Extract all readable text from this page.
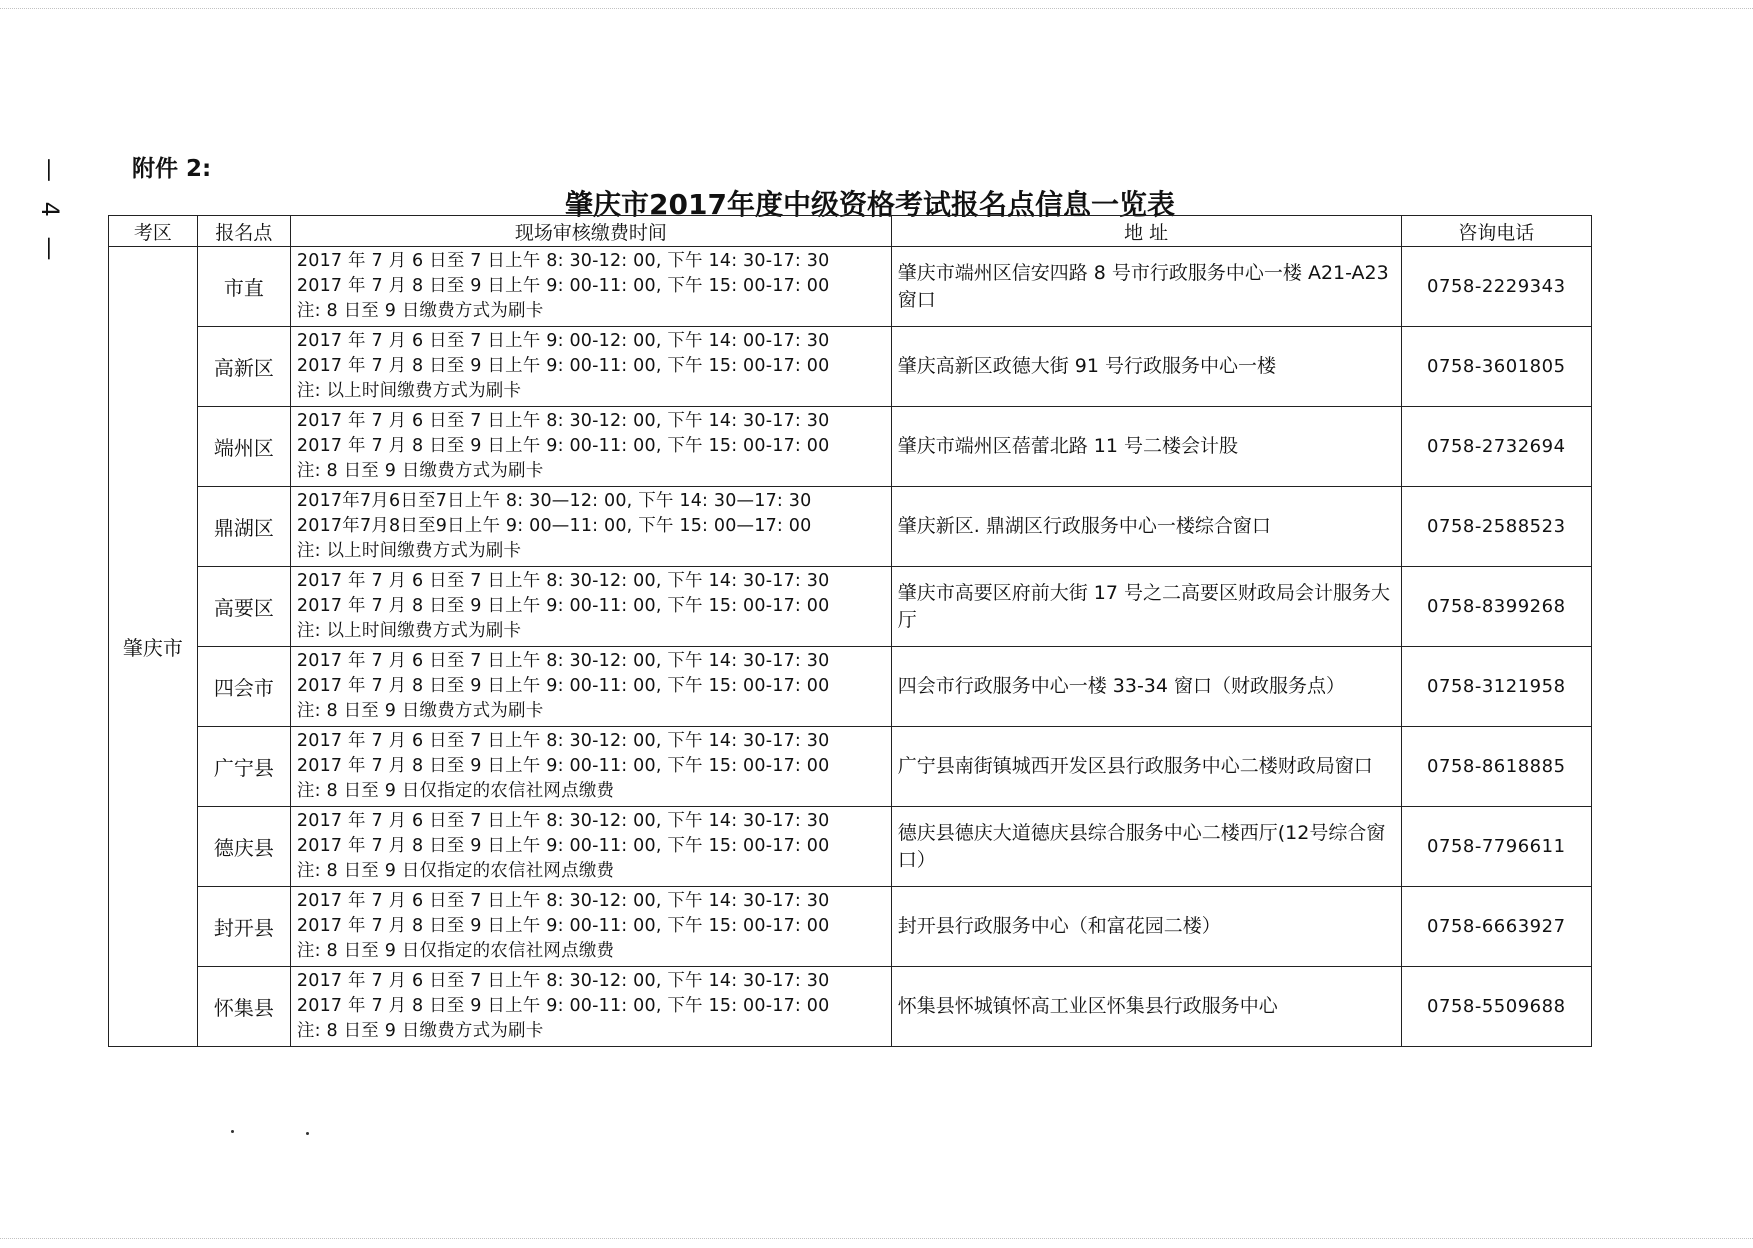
— 4 —	附件 2:
肇庆市2017年度中级资格考试报名点信息一览表
考区	报名点	现场审核缴费时间	地 址	咨询电话
肇庆市	市直	2017 年 7 月 6 日至 7 日上午 8: 30-12: 00, 下午 14: 30-17: 30
2017 年 7 月 8 日至 9 日上午 9: 00-11: 00, 下午 15: 00-17: 00
注: 8 日至 9 日缴费方式为刷卡	肇庆市端州区信安四路 8 号市行政服务中心一楼 A21-A23 窗口	0758-2229343
	高新区	2017 年 7 月 6 日至 7 日上午 9: 00-12: 00, 下午 14: 00-17: 30
2017 年 7 月 8 日至 9 日上午 9: 00-11: 00, 下午 15: 00-17: 00
注: 以上时间缴费方式为刷卡	肇庆高新区政德大街 91 号行政服务中心一楼	0758-3601805
	端州区	2017 年 7 月 6 日至 7 日上午 8: 30-12: 00, 下午 14: 30-17: 30
2017 年 7 月 8 日至 9 日上午 9: 00-11: 00, 下午 15: 00-17: 00
注: 8 日至 9 日缴费方式为刷卡	肇庆市端州区蓓蕾北路 11 号二楼会计股	0758-2732694
	鼎湖区	2017年7月6日至7日上午 8: 30—12: 00, 下午 14: 30—17: 30
2017年7月8日至9日上午 9: 00—11: 00, 下午 15: 00—17: 00
注: 以上时间缴费方式为刷卡	肇庆新区. 鼎湖区行政服务中心一楼综合窗口	0758-2588523
	高要区	2017 年 7 月 6 日至 7 日上午 8: 30-12: 00, 下午 14: 30-17: 30
2017 年 7 月 8 日至 9 日上午 9: 00-11: 00, 下午 15: 00-17: 00
注: 以上时间缴费方式为刷卡	肇庆市高要区府前大街 17 号之二高要区财政局会计服务大厅	0758-8399268
	四会市	2017 年 7 月 6 日至 7 日上午 8: 30-12: 00, 下午 14: 30-17: 30
2017 年 7 月 8 日至 9 日上午 9: 00-11: 00, 下午 15: 00-17: 00
注: 8 日至 9 日缴费方式为刷卡	四会市行政服务中心一楼 33-34 窗口（财政服务点）	0758-3121958
	广宁县	2017 年 7 月 6 日至 7 日上午 8: 30-12: 00, 下午 14: 30-17: 30
2017 年 7 月 8 日至 9 日上午 9: 00-11: 00, 下午 15: 00-17: 00
注: 8 日至 9 日仅指定的农信社网点缴费	广宁县南街镇城西开发区县行政服务中心二楼财政局窗口	0758-8618885
	德庆县	2017 年 7 月 6 日至 7 日上午 8: 30-12: 00, 下午 14: 30-17: 30
2017 年 7 月 8 日至 9 日上午 9: 00-11: 00, 下午 15: 00-17: 00
注: 8 日至 9 日仅指定的农信社网点缴费	德庆县德庆大道德庆县综合服务中心二楼西厅(12号综合窗口）	0758-7796611
	封开县	2017 年 7 月 6 日至 7 日上午 8: 30-12: 00, 下午 14: 30-17: 30
2017 年 7 月 8 日至 9 日上午 9: 00-11: 00, 下午 15: 00-17: 00
注: 8 日至 9 日仅指定的农信社网点缴费	封开县行政服务中心（和富花园二楼）	0758-6663927
	怀集县	2017 年 7 月 6 日至 7 日上午 8: 30-12: 00, 下午 14: 30-17: 30
2017 年 7 月 8 日至 9 日上午 9: 00-11: 00, 下午 15: 00-17: 00
注: 8 日至 9 日缴费方式为刷卡	怀集县怀城镇怀高工业区怀集县行政服务中心	0758-5509688
